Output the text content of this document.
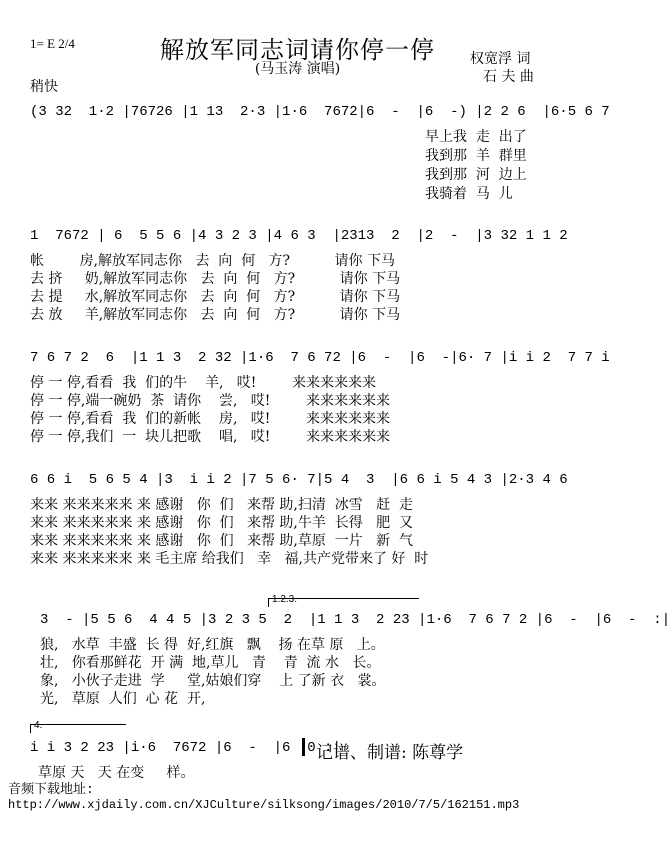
解放军同志词请你停一停
(马玉涛 演唱)
1= E 2/4
权宽浮 词
石 夫 曲
稍快
(3 32  1·2 |76726 |1 13  2·3 |1·6  7672|6  -  |6  -) |2 2 6  |6·5 6 7
早上我  走  出了
我到那  羊  群里
我到那  河  边上
我骑着  马  儿
1  7672 | 6  5 5 6 |4 3 2 3 |4 6 3  |2313  2  |2  -  |3 32 1 1 2
帐        房,解放军同志你   去  向  何   方?          请你 下马
去 挤     奶,解放军同志你   去  向  何   方?          请你 下马
去 提     水,解放军同志你   去  向  何   方?          请你 下马
去 放     羊,解放军同志你   去  向  何   方?          请你 下马
7 6 7 2  6  |1 1 3  2 32 |1·6  7 6 72 |6  -  |6  -|6· 7 |i i 2  7 7 i
停 一 停,看看  我  们的牛    羊,   哎!        来来来来来来
停 一 停,端一碗奶  茶  请你    尝,   哎!        来来来来来来
停 一 停,看看  我  们的新帐    房,   哎!        来来来来来来
停 一 停,我们  一  块儿把歌    唱,   哎!        来来来来来来
6 6 i  5 6 5 4 |3  i i 2 |7 5 6· 7|5 4  3  |6 6 i 5 4 3 |2·3 4 6
来来 来来来来来 来 感谢   你  们   来帮 助,扫清  冰雪   赶  走
来来 来来来来来 来 感谢   你  们   来帮 助,牛羊  长得   肥  又
来来 来来来来来 来 感谢   你  们   来帮 助,草原  一片   新  气
来来 来来来来来 来 毛主席 给我们   幸   福,共产党带来了 好  时
1.2.3.
3  - |5 5 6  4 4 5 |3 2 3 5  2  |1 1 3  2 23 |1·6  7 6 7 2 |6  -  |6  -  :|
狼,   水草  丰盛  长 得  好,红旗   飘    扬 在草 原   上。
壮,   你看那鲜花  开 满  地,草儿   青    青  流 水   长。
象,   小伙子走进  学     堂,姑娘们穿    上 了新 衣   裳。
光,   草原  人们  心 花  开,
4.
i i 3 2 23 |i·6  7672 |6  -  |6  0 :|
记谱、制谱: 陈尊学
草原 天   天 在变     样。
音频下载地址:
http://www.xjdaily.com.cn/XJCulture/silksong/images/2010/7/5/162151.mp3
